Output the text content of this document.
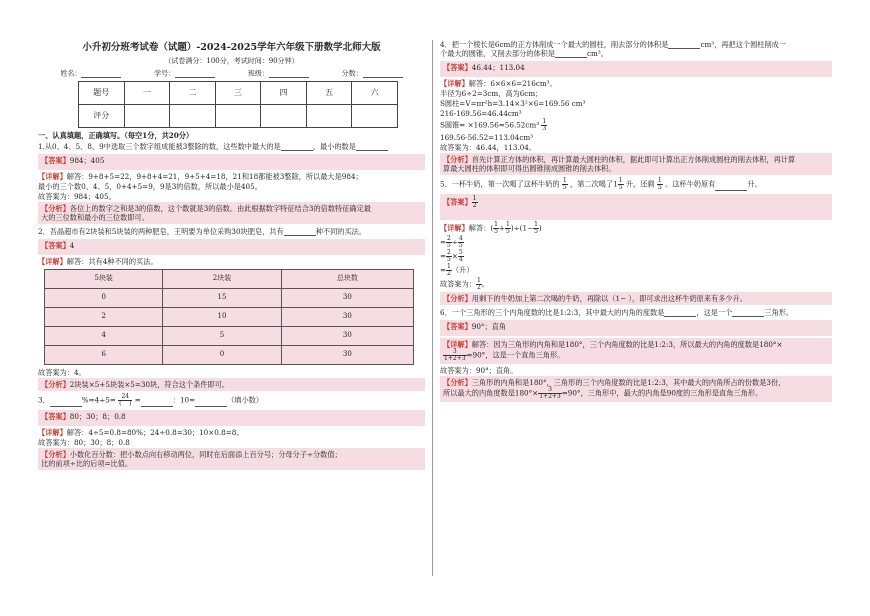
小升初分班考试卷（试题）-2024-2025学年六年级下册数学北师大版
（试卷满分：100分，考试时间：90分钟）
姓名：	学号：	班级：	分数：
题号	一	二	三	四	五	六
评分						
一、认真填题，正确填写。（每空1分，共20分）
1.从0、4、5、8、9中选取三个数字组成能被3整除的数，这些数中最大的是	，最小的数是
【答案】984；405
【详解】解答：9+8+5=22，9+8+4=21，9+5+4=18，21和18都能被3整除，所以最大是984；
最小的三个数0、4、5，0+4+5=9，9是3的倍数，所以最小是405。
故答案为：984；405。
【分析】各位上的数字之和是3的倍数，这个数就是3的倍数。由此根据数字特征结合3的倍数特征确定最
大的三位数和最小的三位数即可。
2．吾晶超市有2块装和5块装的两种肥皂，王明要为单位采购30块肥皂，共有	种不同的买法。
【答案】4
【详解】解答：共有4种不同的买法。
5块装	2块装	总块数
0	15	30
2	10	30
4	5	30
6	0	30
故答案为：4。
【分析】2块装×5+5块装×5=30块，符合这个条件即可。
3．	$\%=4\div 5= \frac{24}{( )}$ =	：10=	（填小数）
【答案】80；30；8；0.8
【详解】解答：4÷5=0.8=80%；24÷0.8=30；10×0.8=8。
故答案为：80；30；8；0.8
【分析】小数化百分数：把小数点向右移动两位，同时在后面添上百分号；分母分子÷分数值；
比的前项÷比的后项=比值。
4．把一个棱长是6cm的正方体削成一个最大的圆柱，削去部分的体积是	cm³，再把这个圆柱削成一
个最大的圆锥，又削去部分的体积是	cm³。
【答案】46.44；113.04
【详解】解答：6×6×6=216cm³。
半径为6÷2=3cm，高为6cm；
S圆柱=V=πr²h=3.14×3²×6=169.56 cm³
216-169.56=46.44cm³
S圆锥= $\times 169.56=56.52cm^3 \frac{1}{3}$
169.56-56.52=113.04cm³
故答案为：46.44，113.04。
【分析】首先计算正方体的体积，再计算最大圆柱的体积，据此即可计算出正方体削成圆柱的削去体积，再计算
算最大圆柱的体积即可得出圆锥削成圆锥的削去体积。
5．一杯牛奶，第一次喝了这杯牛奶的 $\frac{1}{5}$ ，第二次喝了$1 \frac{1}{5}$ 升，还剩 $\frac{1}{5}$ 。这杯牛奶原有	升。
【答案】 $\frac{1}{2}$
【详解】解答：( $\frac{1}{5} + \frac{1}{5} )\div(1- \frac{1}{5}$ )
= $\frac{2}{5} \div \frac{4}{5}$
= $\frac{2}{5} \times \frac{5}{4}$
= $\frac{1}{2}$ （升）
故答案为： $\frac{1}{2}$ 。
【分析】用剩下的牛奶加上第二次喝的牛奶，再除以（1− ），即可求出这杯牛奶原来有多少升。
6．一个三角形的三个内角度数的比是1:2:3，其中最大的内角的度数是	，这是一个	三角形。
【答案】90°；直角
【详解】解答：因为三角形的内角和是180°，三个内角度数的比是1:2:3，所以最大的内角的度数是180°×

$\frac{3}{1+2+3} =90^\circ$，这是一个直角三角形。
故答案为：90°；直角。
【分析】三角形的内角和是180°，三角形的三个内角度数的比是1:2:3，其中最大的内角所占的份数是3份，
所以最大的内角度数是$180^\circ\times \frac{3}{1+2+3} =90^\circ$，三角形中，最大的内角是90度的三角形是直角三角形。
